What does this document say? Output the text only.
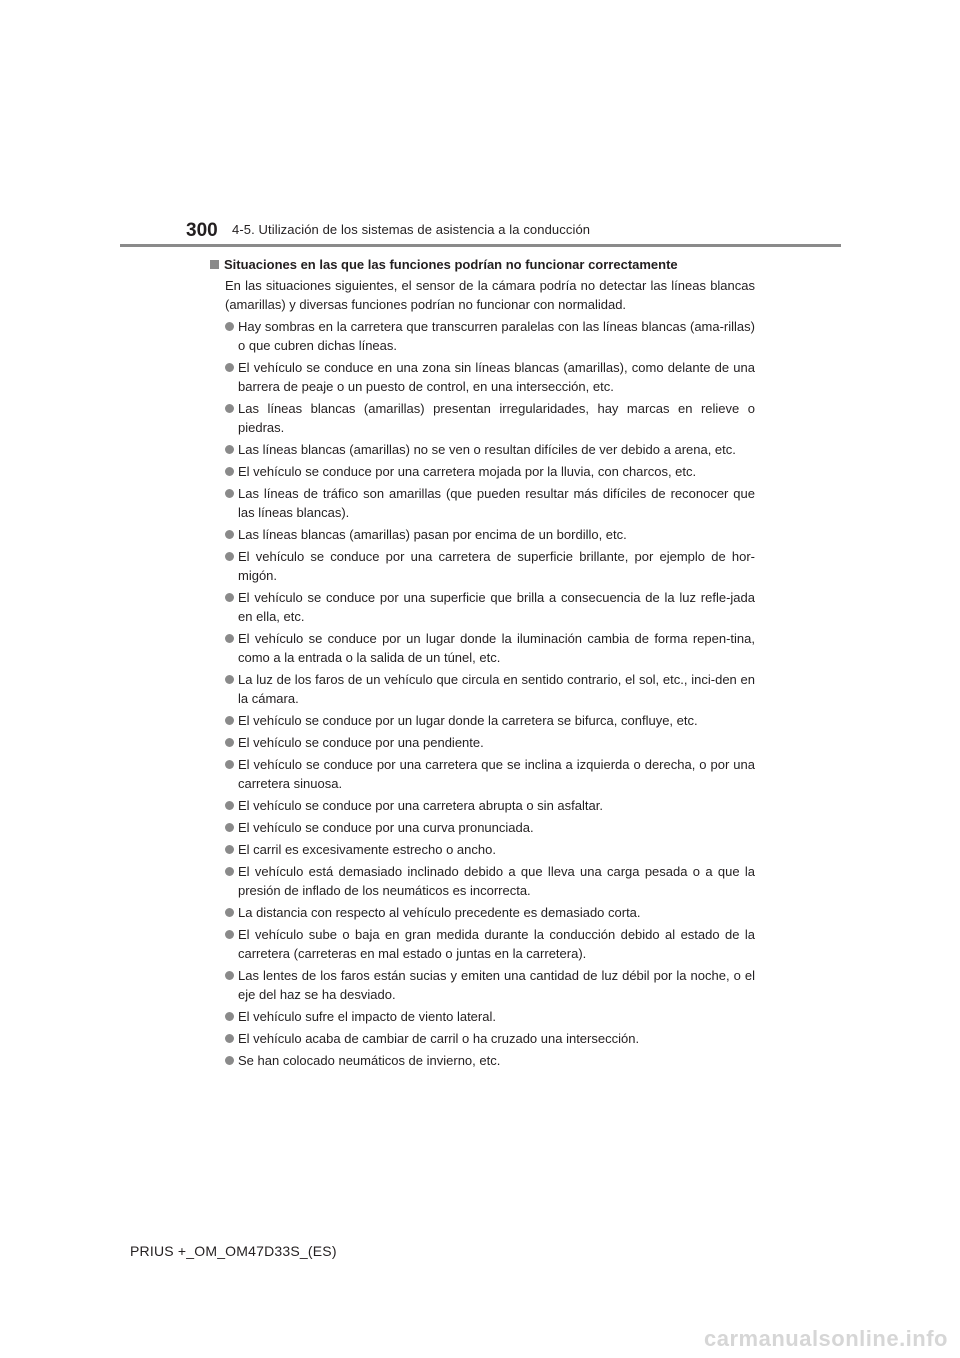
300 4-5. Utilización de los sistemas de asistencia a la conducción
Situaciones en las que las funciones podrían no funcionar correctamente

En las situaciones siguientes, el sensor de la cámara podría no detectar las líneas blancas (amarillas) y diversas funciones podrían no funcionar con normalidad.

Hay sombras en la carretera que transcurren paralelas con las líneas blancas (ama-rillas) o que cubren dichas líneas.
El vehículo se conduce en una zona sin líneas blancas (amarillas), como delante de una barrera de peaje o un puesto de control, en una intersección, etc.
Las líneas blancas (amarillas) presentan irregularidades, hay marcas en relieve o piedras.
Las líneas blancas (amarillas) no se ven o resultan difíciles de ver debido a arena, etc.
El vehículo se conduce por una carretera mojada por la lluvia, con charcos, etc.
Las líneas de tráfico son amarillas (que pueden resultar más difíciles de reconocer que las líneas blancas).
Las líneas blancas (amarillas) pasan por encima de un bordillo, etc.
El vehículo se conduce por una carretera de superficie brillante, por ejemplo de hor-migón.
El vehículo se conduce por una superficie que brilla a consecuencia de la luz refle-jada en ella, etc.
El vehículo se conduce por un lugar donde la iluminación cambia de forma repen-tina, como a la entrada o la salida de un túnel, etc.
La luz de los faros de un vehículo que circula en sentido contrario, el sol, etc., inci-den en la cámara.
El vehículo se conduce por un lugar donde la carretera se bifurca, confluye, etc.
El vehículo se conduce por una pendiente.
El vehículo se conduce por una carretera que se inclina a izquierda o derecha, o por una carretera sinuosa.
El vehículo se conduce por una carretera abrupta o sin asfaltar.
El vehículo se conduce por una curva pronunciada.
El carril es excesivamente estrecho o ancho.
El vehículo está demasiado inclinado debido a que lleva una carga pesada o a que la presión de inflado de los neumáticos es incorrecta.
La distancia con respecto al vehículo precedente es demasiado corta.
El vehículo sube o baja en gran medida durante la conducción debido al estado de la carretera (carreteras en mal estado o juntas en la carretera).
Las lentes de los faros están sucias y emiten una cantidad de luz débil por la noche, o el eje del haz se ha desviado.
El vehículo sufre el impacto de viento lateral.
El vehículo acaba de cambiar de carril o ha cruzado una intersección.
Se han colocado neumáticos de invierno, etc.
PRIUS +_OM_OM47D33S_(ES)
carmanualsonline.info
